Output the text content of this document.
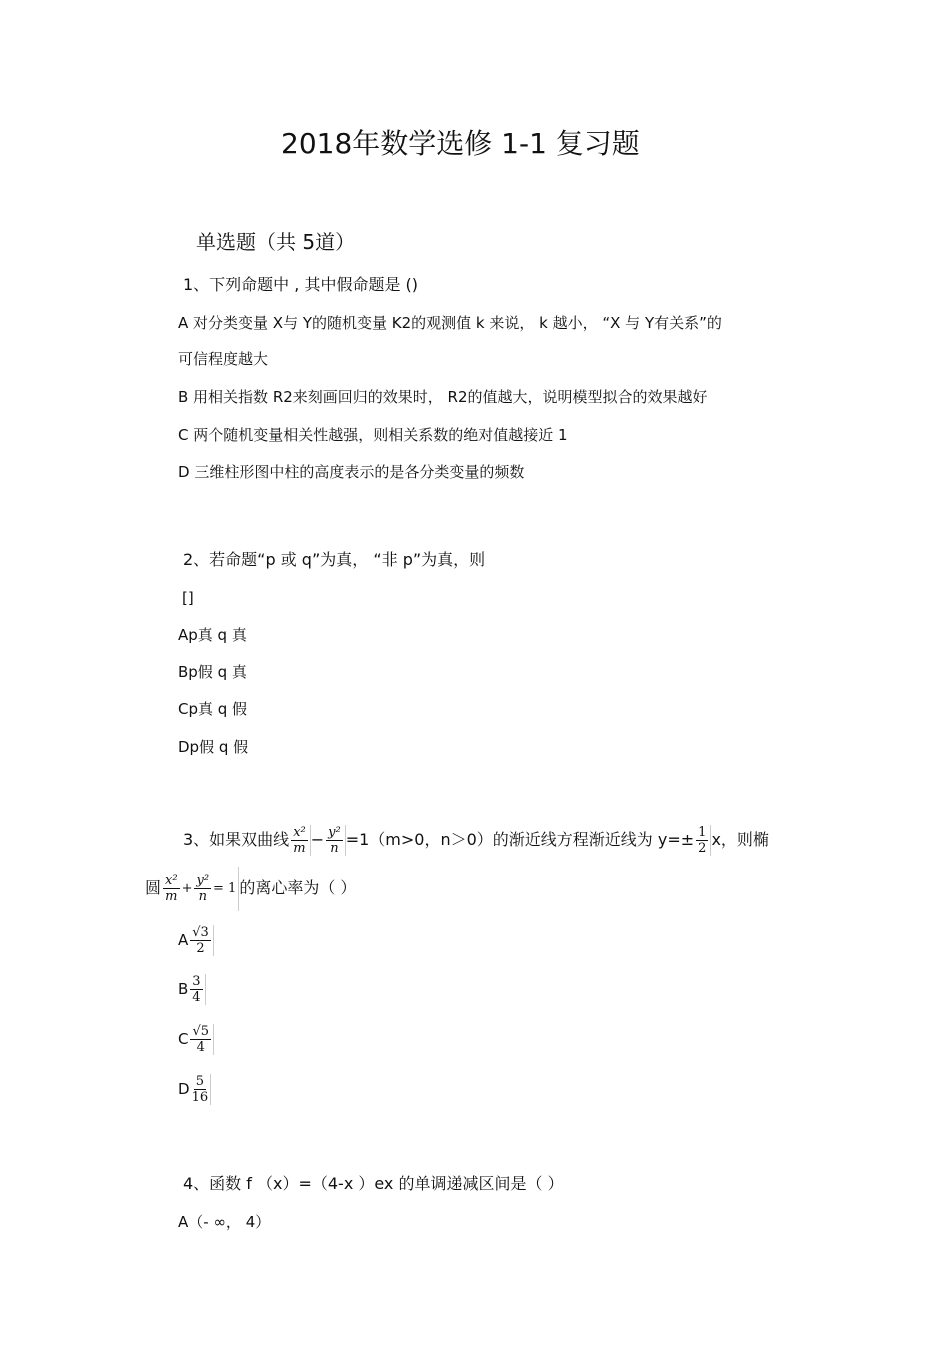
2018年数学选修 1-1 复习题
单选题（共 5道）
1、下列命题中 , 其中假命题是 ()
A 对分类变量 X与 Y的随机变量 K2的观测值 k 来说， k 越小， “X 与 Y有关系”的
可信程度越大
B 用相关指数 R2来刻画回归的效果时， R2的值越大，说明模型拟合的效果越好
C 两个随机变量相关性越强，则相关系数的绝对值越接近 1
D 三维柱形图中柱的高度表示的是各分类变量的频数
2、若命题“p 或 q”为真， “非 p”为真，则
[]
Ap真 q 真
Bp假 q 真
Cp真 q 假
Dp假 q 假
3、如果双曲线 $\frac{\text{x²}}{m} - \frac{\text{y²}}{n} =1(m>0$，n＞0）的渐近线方程渐近线为 $y=\pm \frac{1}{2}$ x，则椭
圆 $\frac{\text{x²}}{m} + \frac{\text{y²}}{n} = 1$ 的离心率为（ ）
A $\frac{√3}{2}$
B $\frac{3}{4}$
C $\frac{√5}{4}$
D $\frac{5}{16}$
4、函数 f （x）=（4-x ）ex 的单调递减区间是（ ）
A（- ∞， 4）
